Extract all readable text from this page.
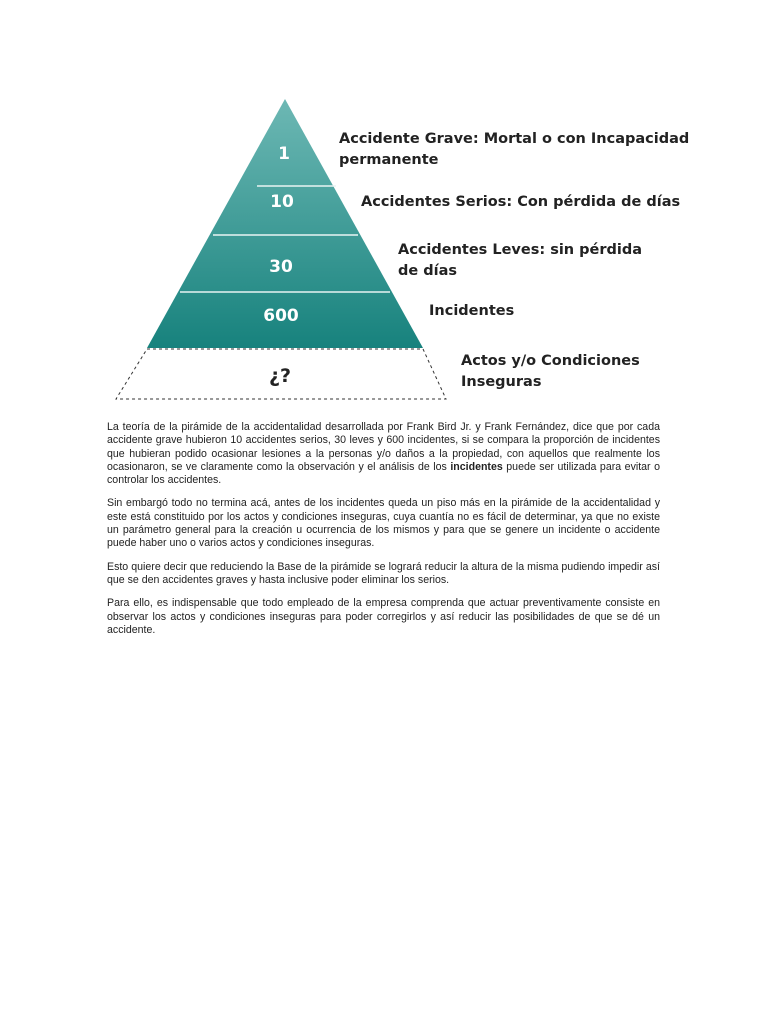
1
10
30
600
¿?
Accidente Grave: Mortal o con Incapacidad
permanente
Accidentes Serios: Con pérdida de días
Accidentes Leves: sin pérdida
de días
Incidentes
Actos y/o Condiciones
Inseguras

La teoría de la pirámide de la accidentalidad desarrollada por Frank Bird Jr. y Frank Fernández, dice que por cada accidente grave hubieron 10 accidentes serios, 30 leves y 600 incidentes, si se compara la proporción de incidentes que hubieran podido ocasionar lesiones a la personas y/o daños a la propiedad, con aquellos que realmente los ocasionaron, se ve claramente como la observación y el análisis de los incidentes puede ser utilizada para evitar o controlar los accidentes.

Sin embargó todo no termina acá, antes de los incidentes queda un piso más en la pirámide de la accidentalidad y este está constituido por los actos y condiciones inseguras, cuya cuantía no es fácil de determinar, ya que no existe un parámetro general para la creación u ocurrencia de los mismos y para que se genere un incidente o accidente puede haber uno o varios actos y condiciones inseguras.

Esto quiere decir que reduciendo la Base de la pirámide se logrará reducir la altura de la misma pudiendo impedir así que se den accidentes graves y hasta inclusive poder eliminar los serios.

Para ello, es indispensable que todo empleado de la empresa comprenda que actuar preventivamente consiste en observar los actos y condiciones inseguras para poder corregirlos y así reducir las posibilidades de que se dé un accidente.
